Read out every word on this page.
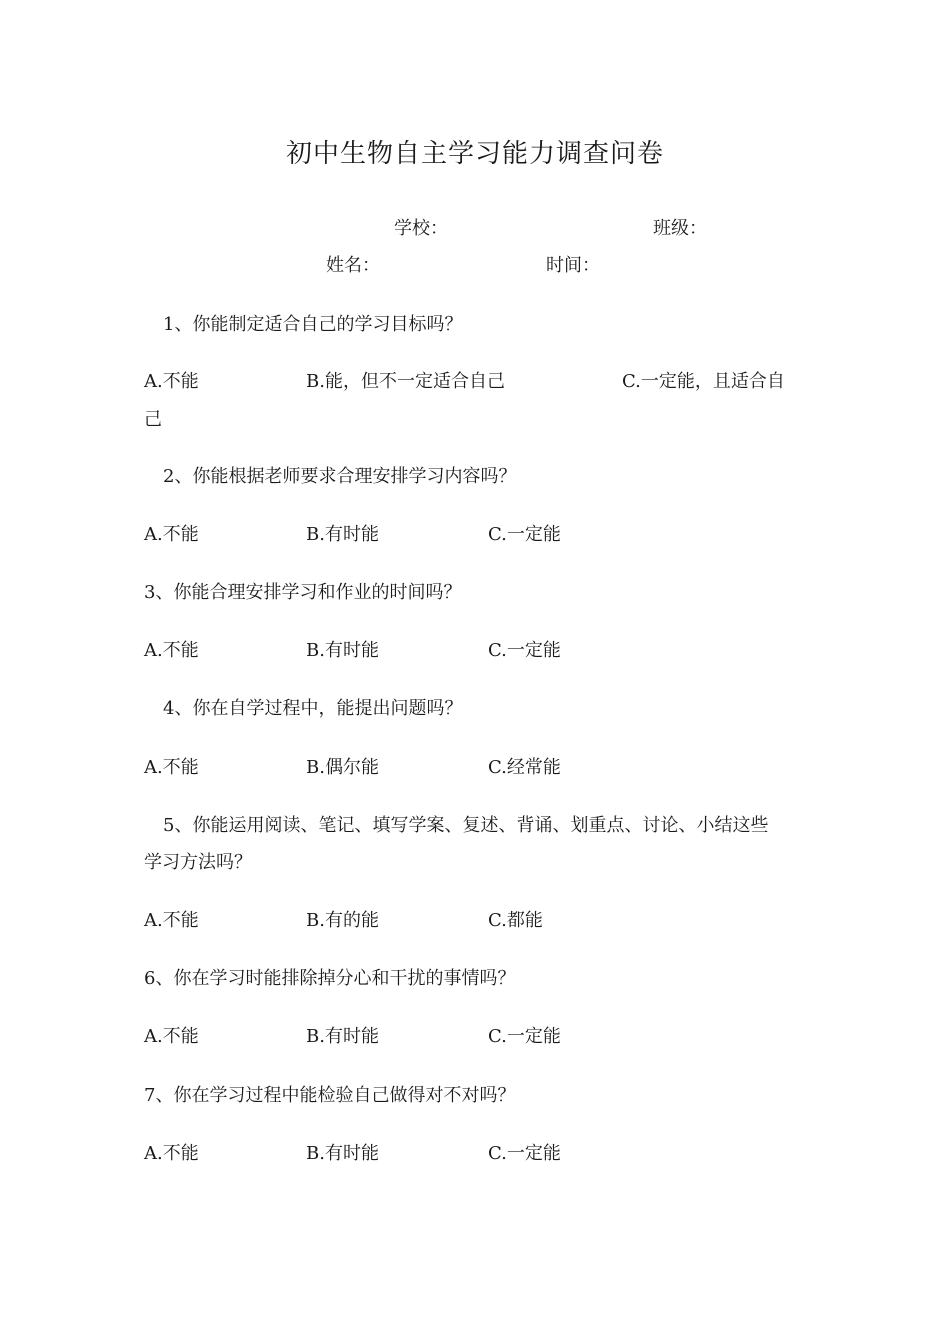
初中生物自主学习能力调查问卷
学校：	班级：
姓名：	时间：
1、你能制定适合自己的学习目标吗？
A.不能	B.能，但不一定适合自己	C.一定能，且适合自
己
2、你能根据老师要求合理安排学习内容吗？
A.不能	B.有时能	C.一定能
3、你能合理安排学习和作业的时间吗？
A.不能	B.有时能	C.一定能
4、你在自学过程中，能提出问题吗？
A.不能	B.偶尔能	C.经常能
5、你能运用阅读、笔记、填写学案、复述、背诵、划重点、讨论、小结这些
学习方法吗？
A.不能	B.有的能	C.都能
6、你在学习时能排除掉分心和干扰的事情吗？
A.不能	B.有时能	C.一定能
7、你在学习过程中能检验自己做得对不对吗？
A.不能	B.有时能	C.一定能
